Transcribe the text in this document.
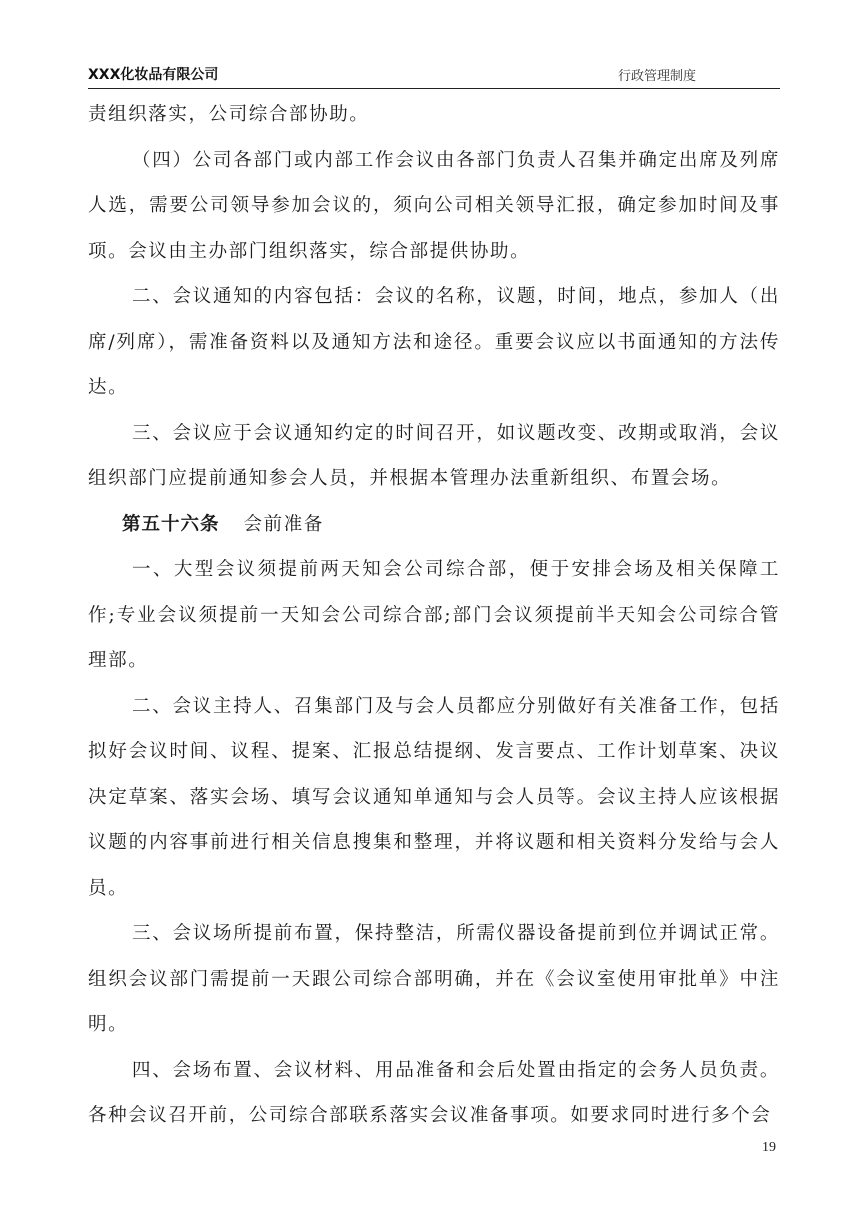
XXX化妆品有限公司	行政管理制度

责组织落实，公司综合部协助。

（四）公司各部门或内部工作会议由各部门负责人召集并确定出席及列席人选，需要公司领导参加会议的，须向公司相关领导汇报，确定参加时间及事项。会议由主办部门组织落实，综合部提供协助。

二、会议通知的内容包括：会议的名称，议题，时间，地点，参加人（出席/列席），需准备资料以及通知方法和途径。重要会议应以书面通知的方法传达。

三、会议应于会议通知约定的时间召开，如议题改变、改期或取消，会议组织部门应提前通知参会人员，并根据本管理办法重新组织、布置会场。

第五十六条 会前准备

一、大型会议须提前两天知会公司综合部，便于安排会场及相关保障工作;专业会议须提前一天知会公司综合部;部门会议须提前半天知会公司综合管理部。

二、会议主持人、召集部门及与会人员都应分别做好有关准备工作，包括拟好会议时间、议程、提案、汇报总结提纲、发言要点、工作计划草案、决议决定草案、落实会场、填写会议通知单通知与会人员等。会议主持人应该根据议题的内容事前进行相关信息搜集和整理，并将议题和相关资料分发给与会人员。

三、会议场所提前布置，保持整洁，所需仪器设备提前到位并调试正常。组织会议部门需提前一天跟公司综合部明确，并在《会议室使用审批单》中注明。

四、会场布置、会议材料、用品准备和会后处置由指定的会务人员负责。各种会议召开前，公司综合部联系落实会议准备事项。如要求同时进行多个会

19
